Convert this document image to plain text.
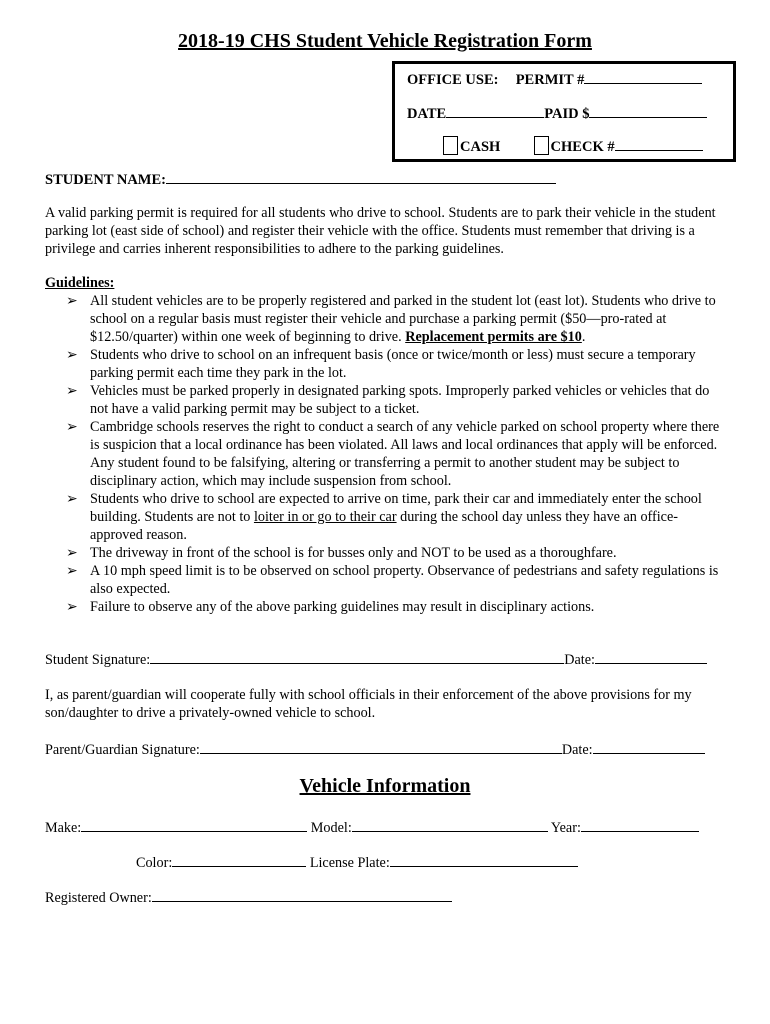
2018-19 CHS Student Vehicle Registration Form
OFFICE USE: PERMIT #
DATE	PAID $
CASH	CHECK #
STUDENT NAME:
A valid parking permit is required for all students who drive to school. Students are to park their vehicle in the student parking lot (east side of school) and register their vehicle with the office. Students must remember that driving is a privilege and carries inherent responsibilities to adhere to the parking guidelines.
Guidelines:
➢ All student vehicles are to be properly registered and parked in the student lot (east lot). Students who drive to school on a regular basis must register their vehicle and purchase a parking permit ($50—pro-rated at $12.50/quarter) within one week of beginning to drive. Replacement permits are $10.
➢ Students who drive to school on an infrequent basis (once or twice/month or less) must secure a temporary parking permit each time they park in the lot.
➢ Vehicles must be parked properly in designated parking spots. Improperly parked vehicles or vehicles that do not have a valid parking permit may be subject to a ticket.
➢ Cambridge schools reserves the right to conduct a search of any vehicle parked on school property where there is suspicion that a local ordinance has been violated. All laws and local ordinances that apply will be enforced. Any student found to be falsifying, altering or transferring a permit to another student may be subject to disciplinary action, which may include suspension from school.
➢ Students who drive to school are expected to arrive on time, park their car and immediately enter the school building. Students are not to loiter in or go to their car during the school day unless they have an office-approved reason.
➢ The driveway in front of the school is for busses only and NOT to be used as a thoroughfare.
➢ A 10 mph speed limit is to be observed on school property. Observance of pedestrians and safety regulations is also expected.
➢ Failure to observe any of the above parking guidelines may result in disciplinary actions.
Student Signature:	Date:
I, as parent/guardian will cooperate fully with school officials in their enforcement of the above provisions for my son/daughter to drive a privately-owned vehicle to school.
Parent/Guardian Signature:	Date:
Vehicle Information
Make:	Model:	Year:
Color:	License Plate:
Registered Owner:
